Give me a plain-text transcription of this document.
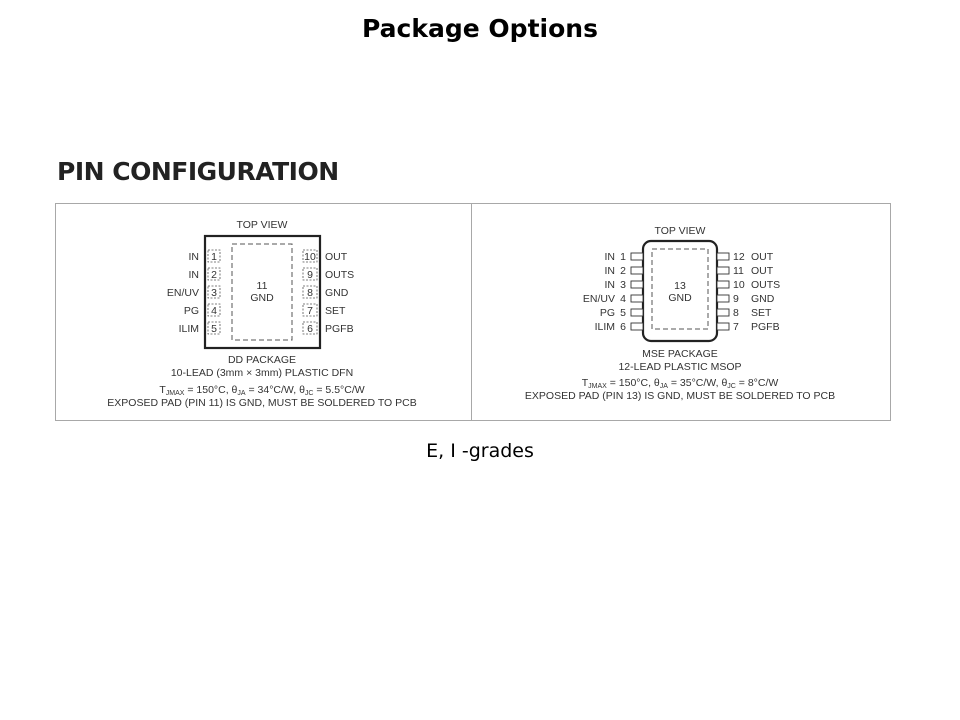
Package Options
PIN CONFIGURATION
TOP VIEW
11
GND
1
IN
2
IN
3
EN/UV
4
PG
5
ILIM
10 OUT
9 OUTS
8 GND
7 SET
6 PGFB
DD PACKAGE
10-LEAD (3mm × 3mm) PLASTIC DFN
TJMAX = 150°C, θJA = 34°C/W, θJC = 5.5°C/W
EXPOSED PAD (PIN 11) IS GND, MUST BE SOLDERED TO PCB
TOP VIEW
13
GND
1
IN
2
IN
3
IN
4
EN/UV
5
PG
6
ILIM
12 OUT
11 OUT
10 OUTS
9 GND
8 SET
7 PGFB
MSE PACKAGE
12-LEAD PLASTIC MSOP
TJMAX = 150°C, θJA = 35°C/W, θJC = 8°C/W
EXPOSED PAD (PIN 13) IS GND, MUST BE SOLDERED TO PCB
E, I -grades
